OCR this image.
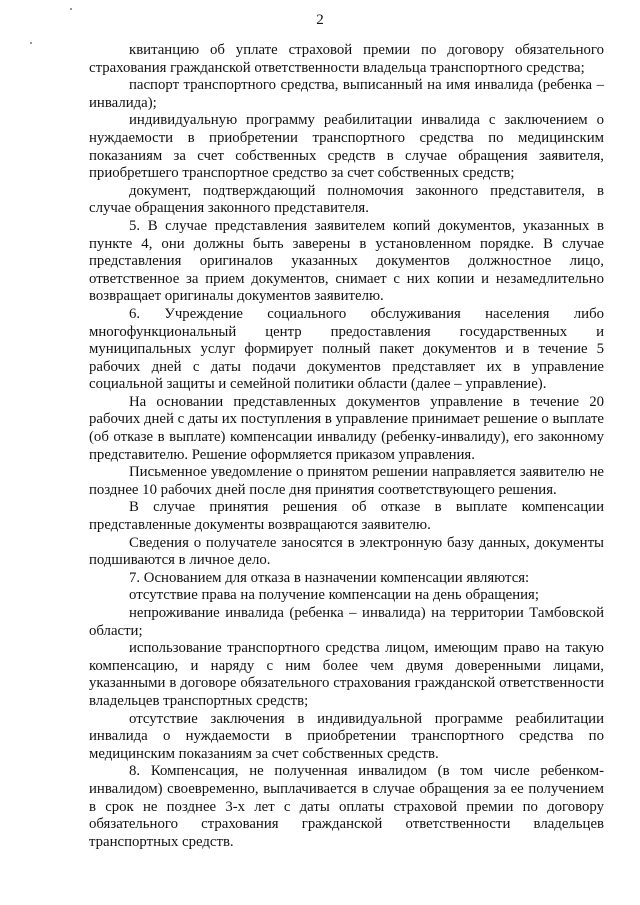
2

квитанцию об уплате страховой премии по договору обязательного страхования гражданской ответственности владельца транспортного средства;

паспорт транспортного средства, выписанный на имя инвалида (ребенка – инвалида);

индивидуальную программу реабилитации инвалида с заключением о нуждаемости в приобретении транспортного средства по медицинским показаниям за счет собственных средств в случае обращения заявителя, приобретшего транспортное средство за счет собственных средств;

документ, подтверждающий полномочия законного представителя, в случае обращения законного представителя.

5. В случае представления заявителем копий документов, указанных в пункте 4, они должны быть заверены в установленном порядке. В случае представления оригиналов указанных документов должностное лицо, ответственное за прием документов, снимает с них копии и незамедлительно возвращает оригиналы документов заявителю.

6. Учреждение социального обслуживания населения либо многофункциональный центр предоставления государственных и муниципальных услуг формирует полный пакет документов и в течение 5 рабочих дней с даты подачи документов представляет их в управление социальной защиты и семейной политики области (далее – управление).

На основании представленных документов управление в течение 20 рабочих дней с даты их поступления в управление принимает решение о выплате (об отказе в выплате) компенсации инвалиду (ребенку-инвалиду), его законному представителю. Решение оформляется приказом управления.

Письменное уведомление о принятом решении направляется заявителю не позднее 10 рабочих дней после дня принятия соответствующего решения.

В случае принятия решения об отказе в выплате компенсации представленные документы возвращаются заявителю.

Сведения о получателе заносятся в электронную базу данных, документы подшиваются в личное дело.

7. Основанием для отказа в назначении компенсации являются:

отсутствие права на получение компенсации на день обращения;

непроживание инвалида (ребенка – инвалида) на территории Тамбовской области;

использование транспортного средства лицом, имеющим право на такую компенсацию, и наряду с ним более чем двумя доверенными лицами, указанными в договоре обязательного страхования гражданской ответственности владельцев транспортных средств;

отсутствие заключения в индивидуальной программе реабилитации инвалида о нуждаемости в приобретении транспортного средства по медицинским показаниям за счет собственных средств.

8. Компенсация, не полученная инвалидом (в том числе ребенком-инвалидом) своевременно, выплачивается в случае обращения за ее получением в срок не позднее 3-х лет с даты оплаты страховой премии по договору обязательного страхования гражданской ответственности владельцев транспортных средств.
